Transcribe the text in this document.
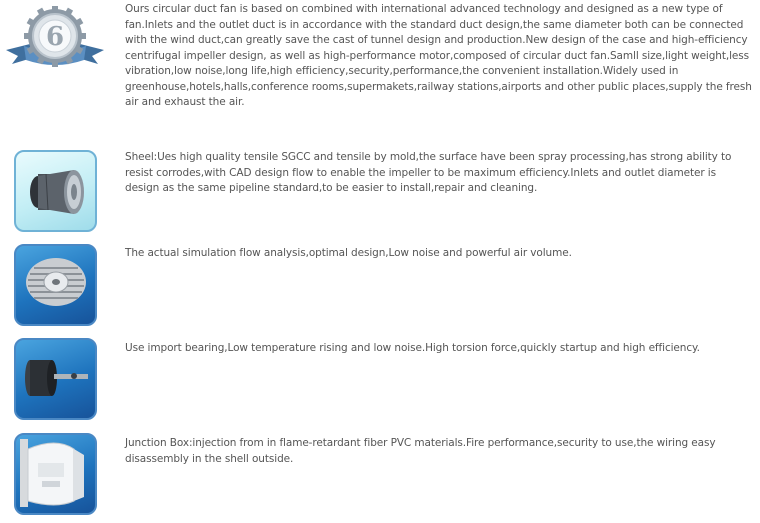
6
Ours circular duct fan is based on combined with international advanced technology and designed as a new type of fan.Inlets and the outlet duct is in accordance with the standard duct design,the same diameter both can be connected with the wind duct,can greatly save the cast of tunnel design and production.New design of the case and high-efficiency centrifugal impeller design, as well as high-performance motor,composed of circular duct fan.Samll size,light weight,less vibration,low noise,long life,high efficiency,security,performance,the convenient installation.Widely used in greenhouse,hotels,halls,conference rooms,supermakets,railway stations,airports and other public places,supply the fresh air and exhaust the air.
Sheel:Ues high quality tensile SGCC and tensile by mold,the surface have been spray processing,has strong ability to resist corrodes,with CAD design flow to enable the impeller to be maximum efficiency.Inlets and outlet diameter is design as the same pipeline standard,to be easier to install,repair and cleaning.
The actual simulation flow analysis,optimal design,Low noise and powerful air volume.
Use import bearing,Low temperature rising and low noise.High torsion force,quickly startup and high efficiency.
Junction Box:injection from in flame-retardant fiber PVC materials.Fire performance,security to use,the wiring easy disassembly in the shell outside.
